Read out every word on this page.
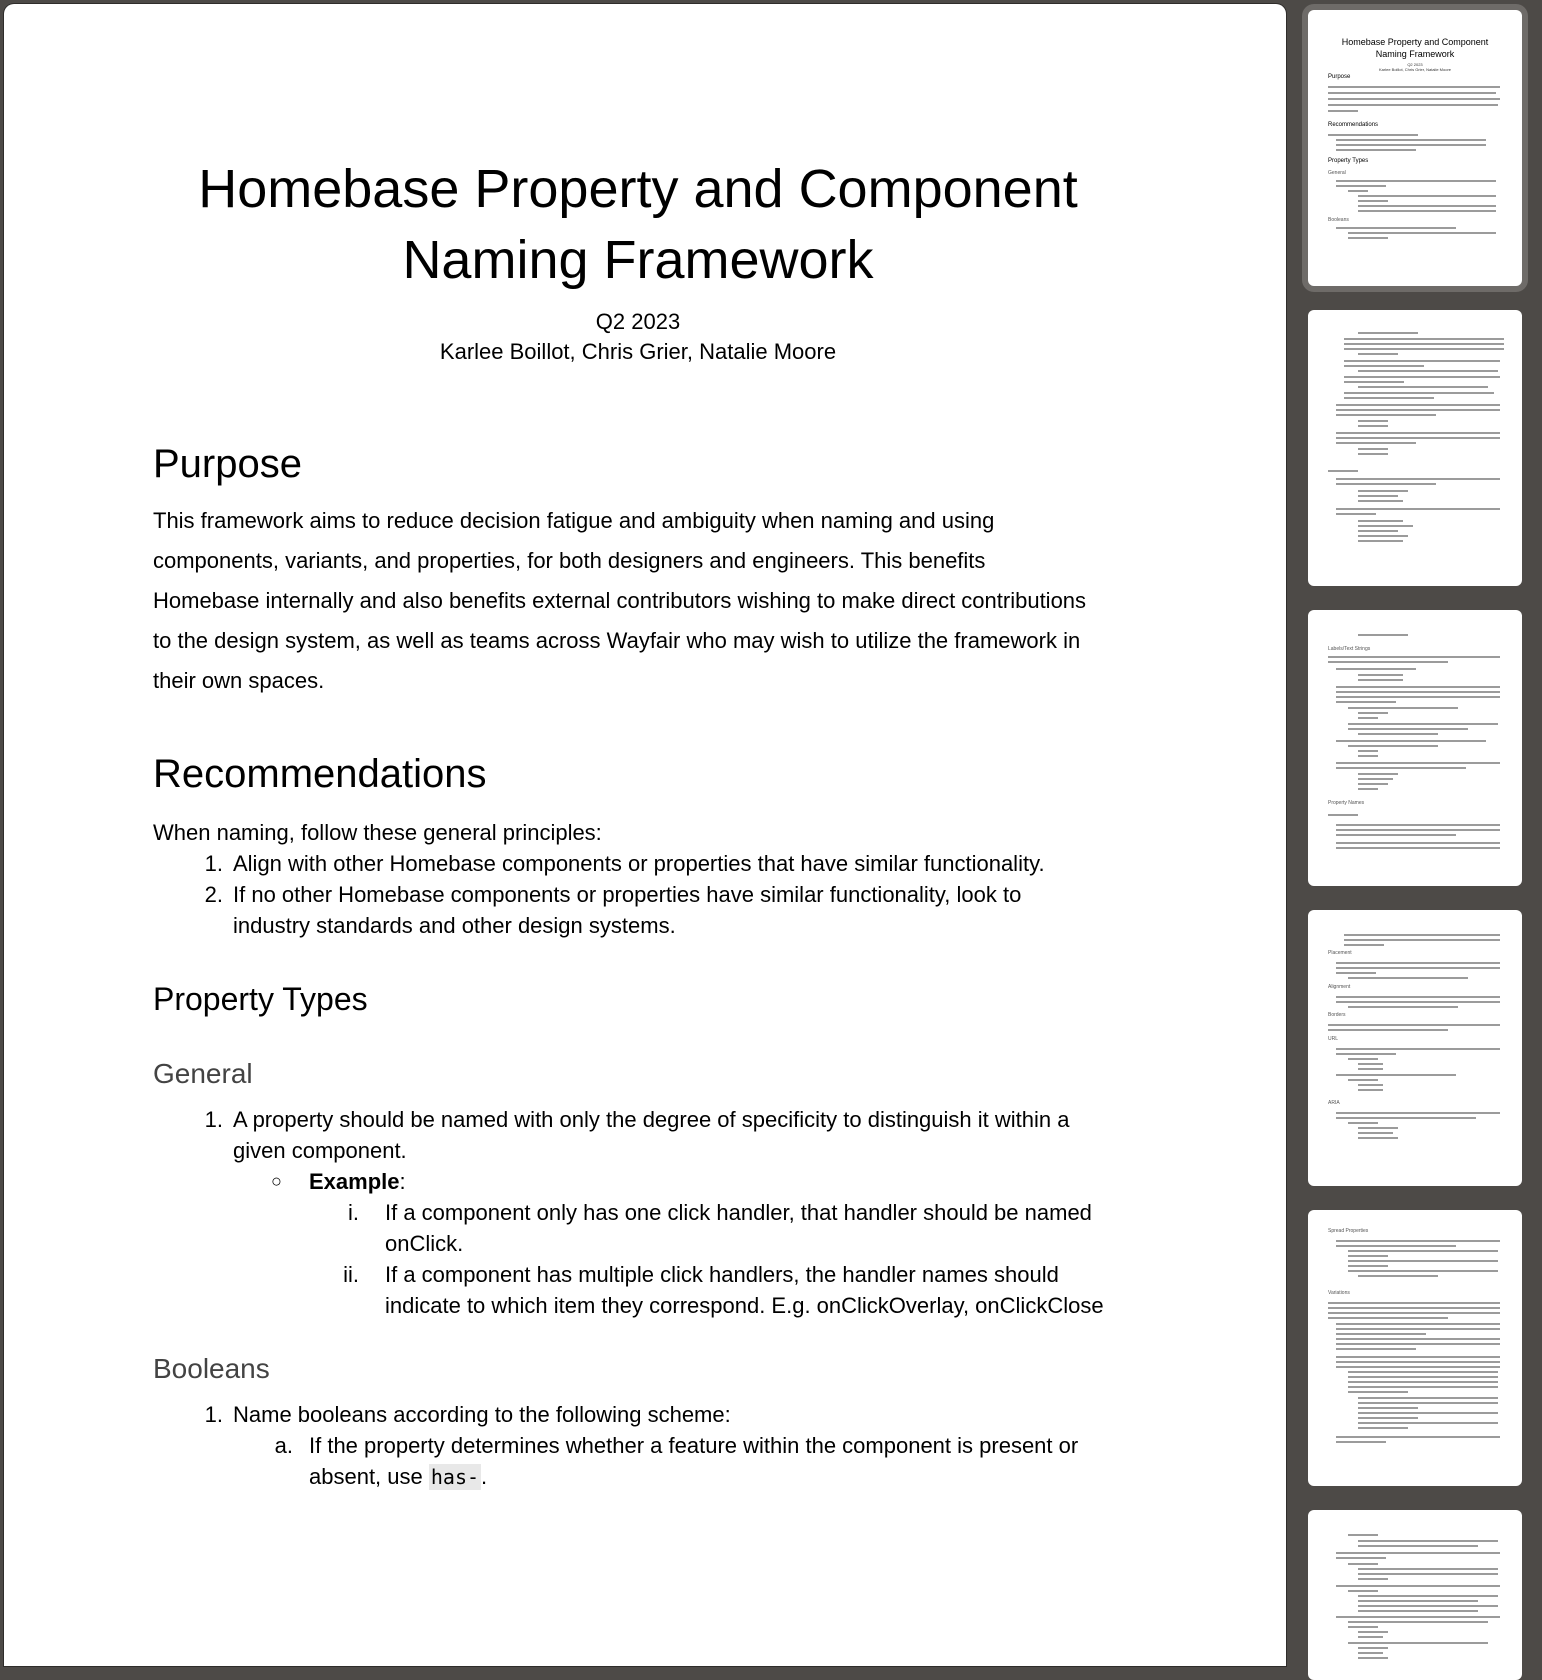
Homebase Property and Component
Naming Framework
Q2 2023
Karlee Boillot, Chris Grier, Natalie Moore
Purpose
This framework aims to reduce decision fatigue and ambiguity when naming and using
components, variants, and properties, for both designers and engineers. This benefits
Homebase internally and also benefits external contributors wishing to make direct contributions
to the design system, as well as teams across Wayfair who may wish to utilize the framework in
their own spaces.
Recommendations
When naming, follow these general principles:
1. Align with other Homebase components or properties that have similar functionality.
2. If no other Homebase components or properties have similar functionality, look to
industry standards and other design systems.
Property Types
General
1. A property should be named with only the degree of specificity to distinguish it within a
given component.
○ Example:
i. If a component only has one click handler, that handler should be named
onClick.
ii. If a component has multiple click handlers, the handler names should
indicate to which item they correspond. E.g. onClickOverlay, onClickClose
Booleans
1. Name booleans according to the following scheme:
a. If the property determines whether a feature within the component is present or
absent, use has-.
Homebase Property and Component
Naming Framework
Q2 2023
Karlee Boillot, Chris Grier, Natalie Moore
Purpose
Recommendations
Property Types
General
Booleans
Labels/Text Strings
Property Names
Placement
Alignment
Borders
URL
ARIA
Spread Properties
Variations
